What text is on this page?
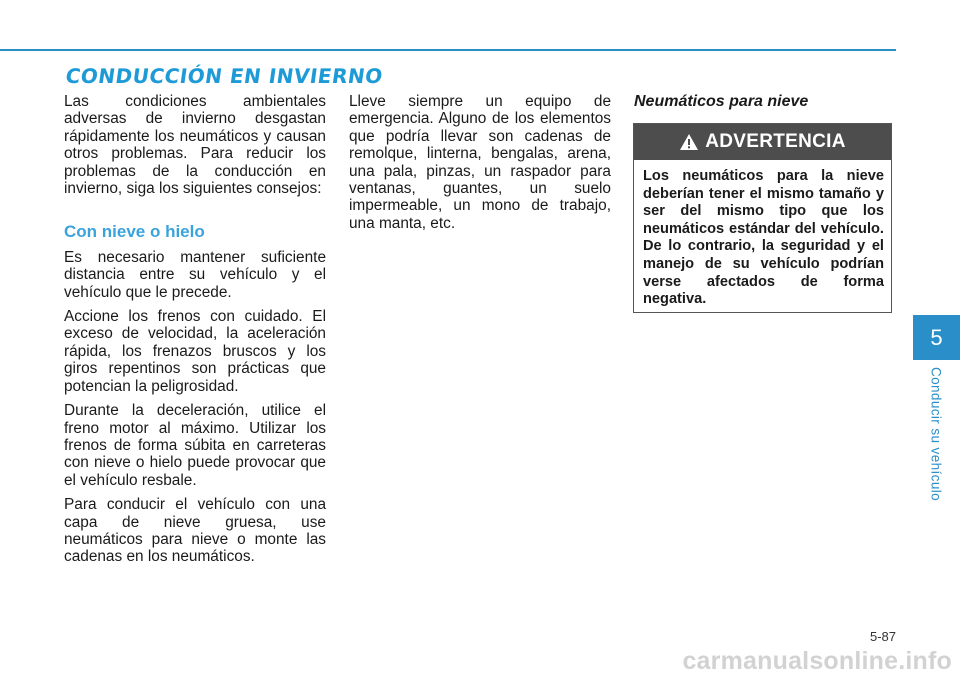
CONDUCCIÓN EN INVIERNO

Las condiciones ambientales adversas de invierno desgastan rápidamente los neumáticos y causan otros problemas. Para reducir los problemas de la conducción en invierno, siga los siguientes consejos:

Con nieve o hielo

Es necesario mantener suficiente distancia entre su vehículo y el vehículo que le precede.

Accione los frenos con cuidado. El exceso de velocidad, la aceleración rápida, los frenazos bruscos y los giros repentinos son prácticas que potencian la peligrosidad.

Durante la deceleración, utilice el freno motor al máximo. Utilizar los frenos de forma súbita en carreteras con nieve o hielo puede provocar que el vehículo resbale.

Para conducir el vehículo con una capa de nieve gruesa, use neumáticos para nieve o monte las cadenas en los neumáticos.

Lleve siempre un equipo de emergencia. Alguno de los elementos que podría llevar son cadenas de remolque, linterna, bengalas, arena, una pala, pinzas, un raspador para ventanas, guantes, un suelo impermeable, un mono de trabajo, una manta, etc.

Neumáticos para nieve
ADVERTENCIA

Los neumáticos para la nieve deberían tener el mismo tamaño y ser del mismo tipo que los neumáticos estándar del vehículo. De lo contrario, la seguridad y el manejo de su vehículo podrían verse afectados de forma negativa.

5
Conducir su vehículo
5-87
carmanualsonline.info
